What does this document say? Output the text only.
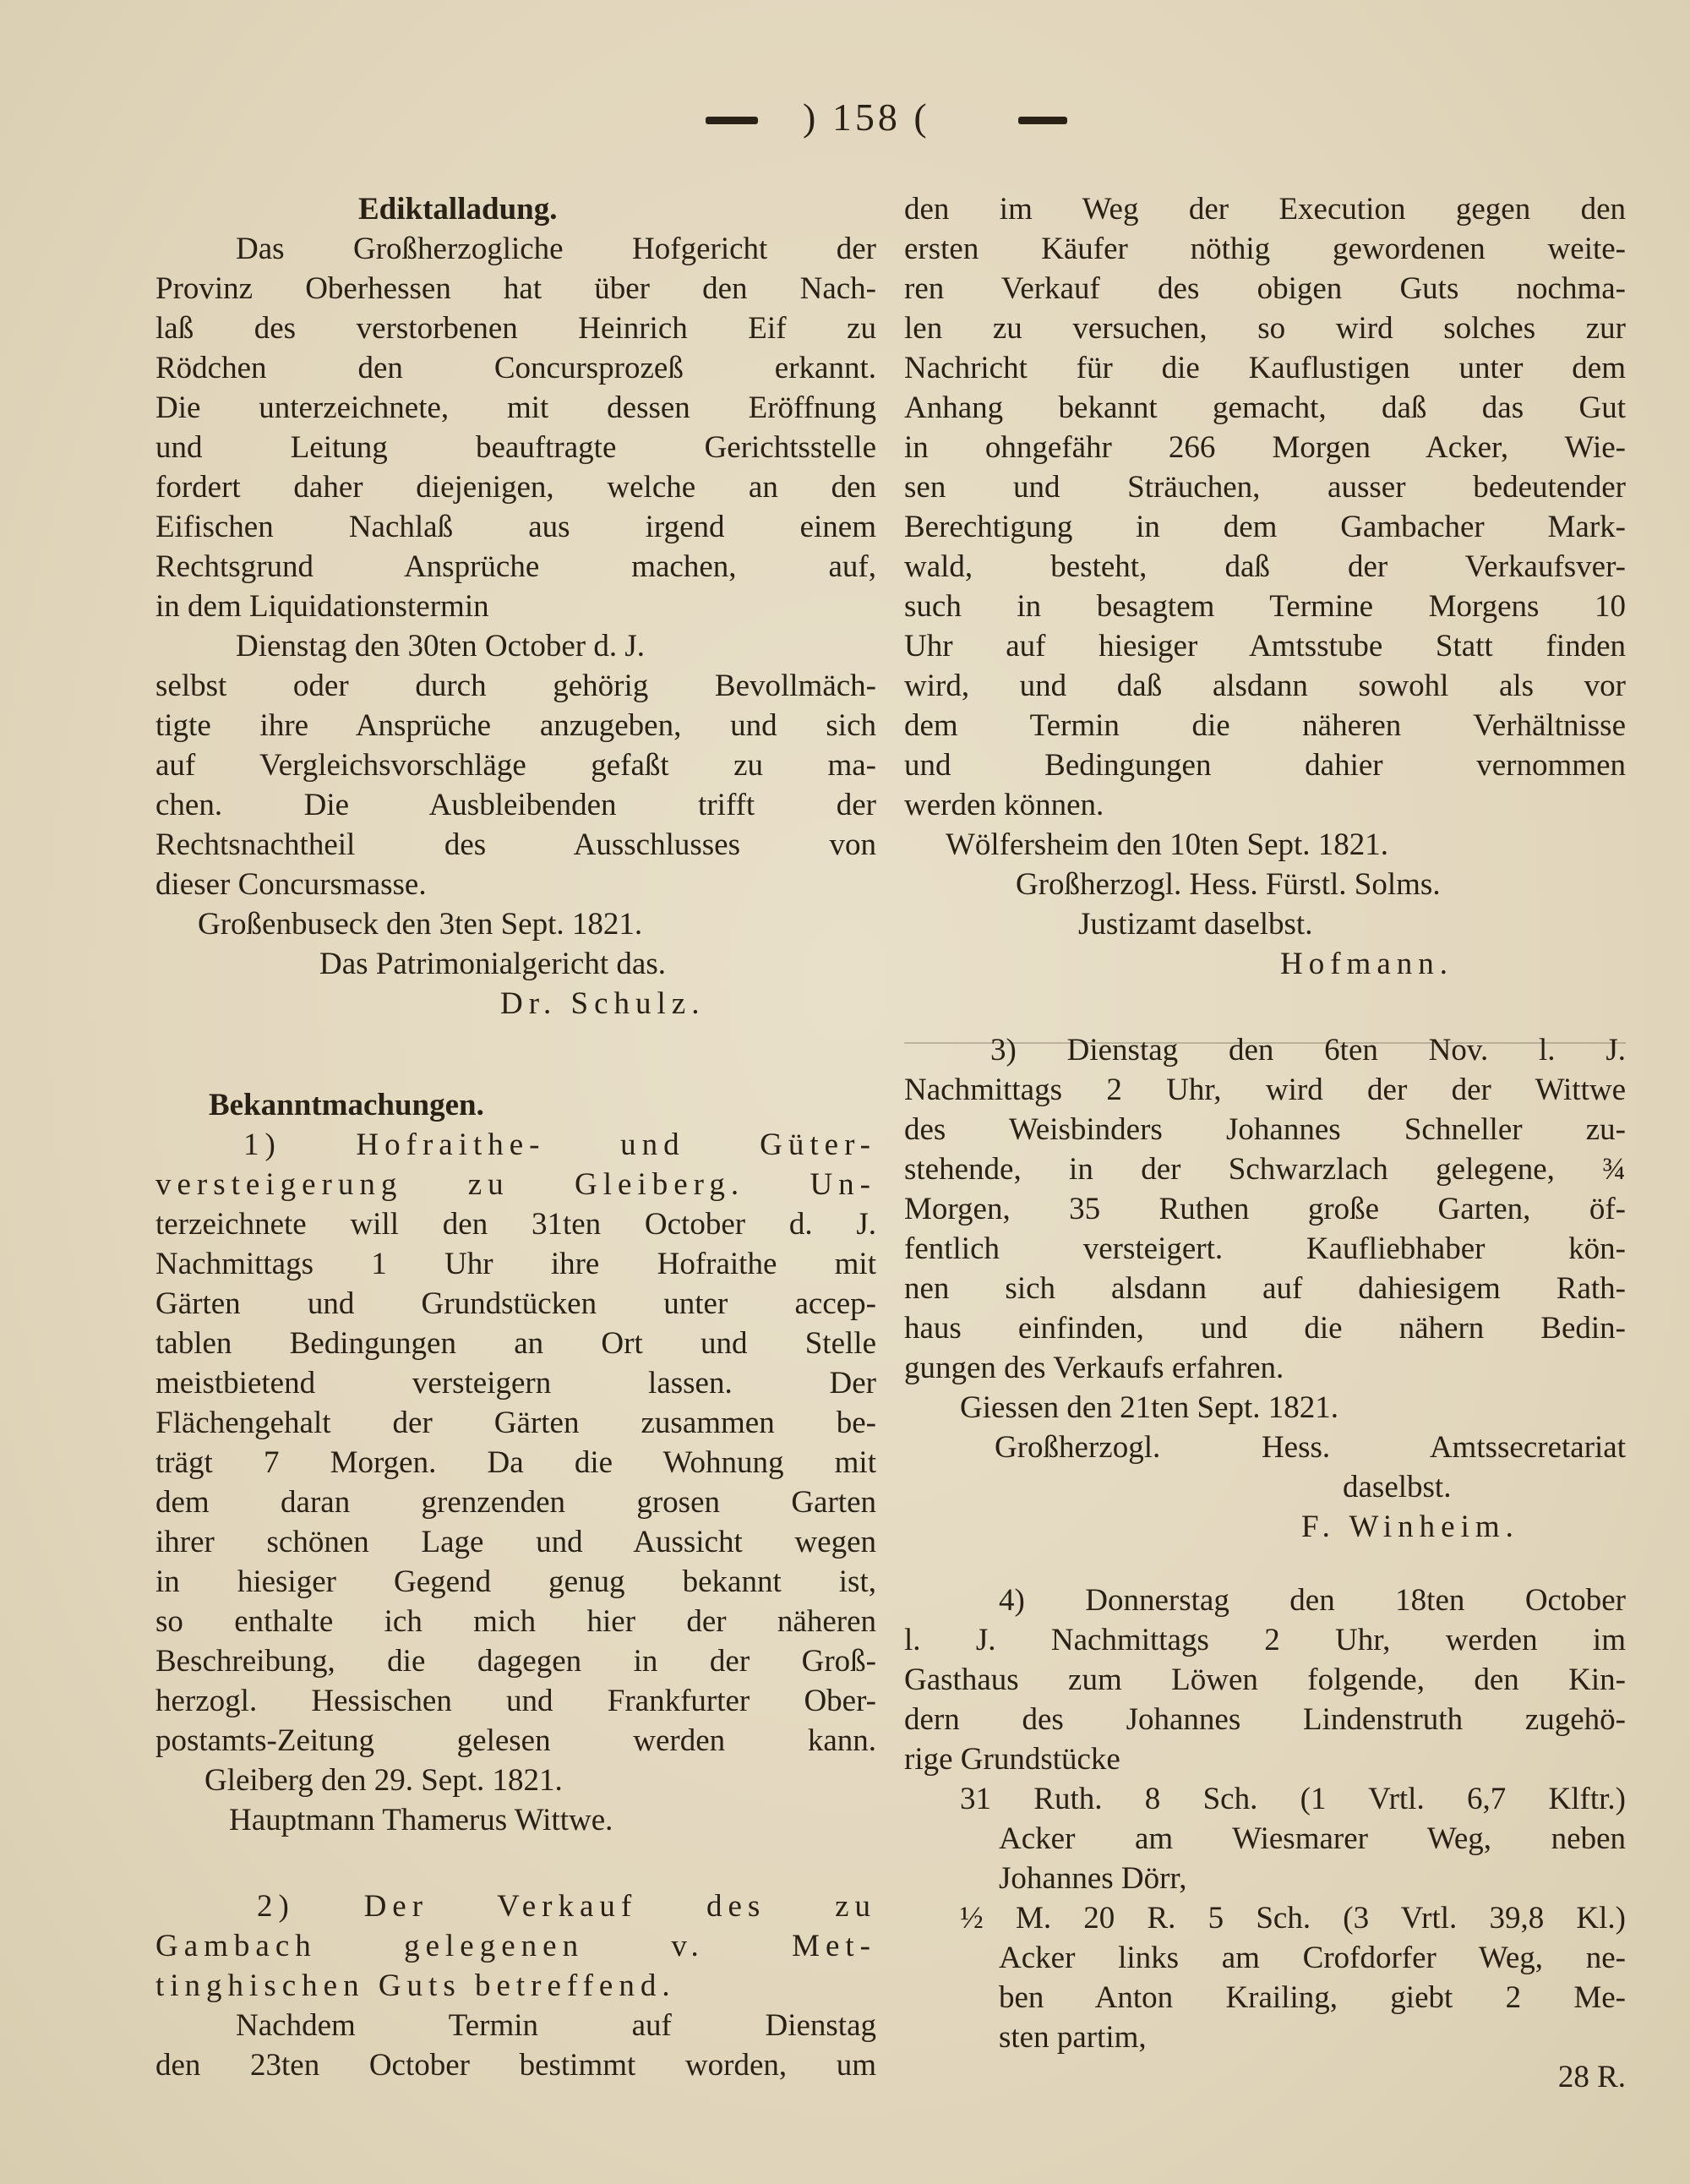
) 158 (
Ediktalladung.
Das Großherzogliche Hofgericht der
Provinz Oberhessen hat über den Nach-
laß des verstorbenen Heinrich Eif zu
Rödchen den Concursprozeß erkannt.
Die unterzeichnete, mit dessen Eröffnung
und Leitung beauftragte Gerichtsstelle
fordert daher diejenigen, welche an den
Eifischen Nachlaß aus irgend einem
Rechtsgrund Ansprüche machen, auf,
in dem Liquidationstermin
Dienstag den 30ten October d. J.
selbst oder durch gehörig Bevollmäch-
tigte ihre Ansprüche anzugeben, und sich
auf Vergleichsvorschläge gefaßt zu ma-
chen. Die Ausbleibenden trifft der
Rechtsnachtheil des Ausschlusses von
dieser Concursmasse.
Großenbuseck den 3ten Sept. 1821.
Das Patrimonialgericht das.
Dr. Schulz.
Bekanntmachungen.
1) Hofraithe- und Güter-
versteigerung zu Gleiberg. Un-
terzeichnete will den 31ten October d. J.
Nachmittags 1 Uhr ihre Hofraithe mit
Gärten und Grundstücken unter accep-
tablen Bedingungen an Ort und Stelle
meistbietend versteigern lassen. Der
Flächengehalt der Gärten zusammen be-
trägt 7 Morgen. Da die Wohnung mit
dem daran grenzenden grosen Garten
ihrer schönen Lage und Aussicht wegen
in hiesiger Gegend genug bekannt ist,
so enthalte ich mich hier der näheren
Beschreibung, die dagegen in der Groß-
herzogl. Hessischen und Frankfurter Ober-
postamts-Zeitung gelesen werden kann.
Gleiberg den 29. Sept. 1821.
Hauptmann Thamerus Wittwe.
2) Der Verkauf des zu
Gambach gelegenen v. Met-
tinghischen Guts betreffend.
Nachdem Termin auf Dienstag
den 23ten October bestimmt worden, um
den im Weg der Execution gegen den
ersten Käufer nöthig gewordenen weite-
ren Verkauf des obigen Guts nochma-
len zu versuchen, so wird solches zur
Nachricht für die Kauflustigen unter dem
Anhang bekannt gemacht, daß das Gut
in ohngefähr 266 Morgen Acker, Wie-
sen und Sträuchen, ausser bedeutender
Berechtigung in dem Gambacher Mark-
wald, besteht, daß der Verkaufsver-
such in besagtem Termine Morgens 10
Uhr auf hiesiger Amtsstube Statt finden
wird, und daß alsdann sowohl als vor
dem Termin die näheren Verhältnisse
und Bedingungen dahier vernommen
werden können.
Wölfersheim den 10ten Sept. 1821.
Großherzogl. Hess. Fürstl. Solms.
Justizamt daselbst.
Hofmann.
3) Dienstag den 6ten Nov. l. J.
Nachmittags 2 Uhr, wird der der Wittwe
des Weisbinders Johannes Schneller zu-
stehende, in der Schwarzlach gelegene, ¾
Morgen, 35 Ruthen große Garten, öf-
fentlich versteigert. Kaufliebhaber kön-
nen sich alsdann auf dahiesigem Rath-
haus einfinden, und die nähern Bedin-
gungen des Verkaufs erfahren.
Giessen den 21ten Sept. 1821.
Großherzogl. Hess. Amtssecretariat
daselbst.
F. Winheim.
4) Donnerstag den 18ten October
l. J. Nachmittags 2 Uhr, werden im
Gasthaus zum Löwen folgende, den Kin-
dern des Johannes Lindenstruth zugehö-
rige Grundstücke
31 Ruth. 8 Sch. (1 Vrtl. 6,7 Klftr.)
Acker am Wiesmarer Weg, neben
Johannes Dörr,
½ M. 20 R. 5 Sch. (3 Vrtl. 39,8 Kl.)
Acker links am Crofdorfer Weg, ne-
ben Anton Krailing, giebt 2 Me-
sten partim,
28 R.
